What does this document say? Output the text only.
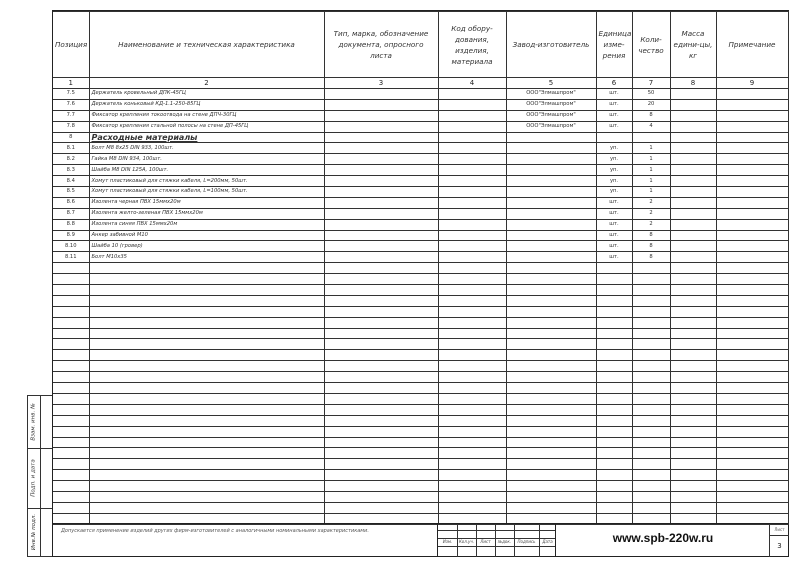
Взам. инв. №
Подп. и дата
Инв.№ подл.
Позиция	Наименование и техническая характеристика	Тип, марка, обозначение документа, опросного листа	Код обору-дования, изделия, материала	Завод-изготовитель	Единица изме-рения	Коли-чество	Масса едини-цы, кг	Примечание
1	2	3	4	5	6	7	8	9
7.5	Держатель кровельный ДПК-45ГЦ			ООО"Элмашпром"	шт.	50		
7.6	Держатель коньковый КД-1.1-250-85ГЦ			ООО"Элмашпром"	шт.	20		
7.7	Фиксатор крепления токоотвода на стене ДПЧ-30ГЦ			ООО"Элмашпром"	шт.	8		
7.8	Фиксатор крепления стальной полосы на стене ДП-45ГЦ			ООО"Элмашпром"	шт.	4		
8	Расходные материалы							
8.1	Болт М8 8х25 DIN 933, 100шт.				уп.	1		
8.2	Гайка М8 DIN 934, 100шт.				уп.	1		
8.3	Шайба М8 DIN 125А, 100шт.				уп.	1		
8.4	Хомут пластиковый для стяжки кабеля, L=200мм, 50шт.				уп.	1		
8.5	Хомут пластиковый для стяжки кабеля, L=100мм, 50шт.				уп.	1		
8.6	Изолента черная ПВХ 15ммх20м				шт.	2		
8.7	Изолента желто-зеленая ПВХ 15ммх20м				шт.	2		
8.8	Изолента синяя ПВХ 15ммх20м				шт.	2		
8.9	Анкер забивной М10				шт.	8		
8.10	Шайба 10 (гровер)				шт.	8		
8.11	Болт М10х35				шт.	8		

Допускается применение изделий других фирм-изготовителей с аналогичными номинальными характеристиками.
Изм.	Кол.уч.	Лист	№док.	Подпись	Дата	www.spb-220w.ru
Лист
3
